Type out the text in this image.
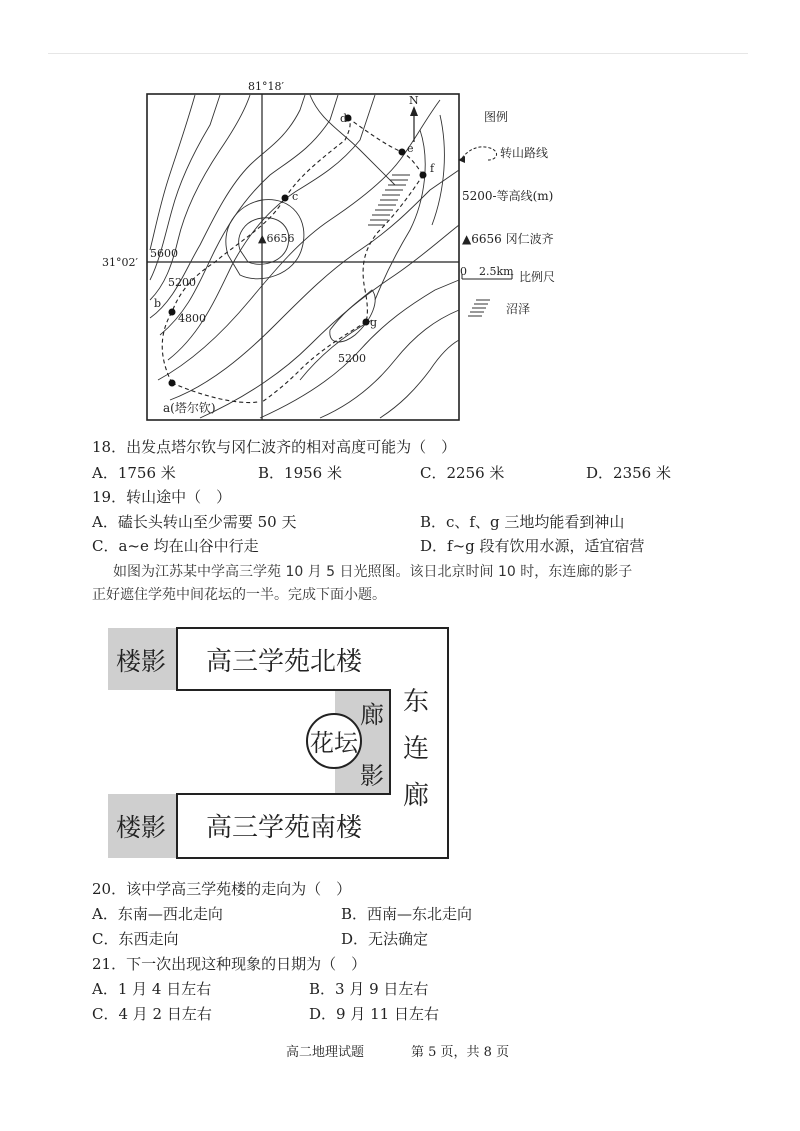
N
81°18′
31°02′
5600
5200
5200
4800
▲6656
a(塔尔钦)
b
c
d
e
f
g
图例
转山路线
5200-等高线(m)
▲6656 冈仁波齐
0 2.5km 比例尺
沼泽
18．出发点塔尔钦与冈仁波齐的相对高度可能为（　）
A．1756 米	B．1956 米	C．2256 米	D．2356 米
19．转山途中（　）
A．磕长头转山至少需要 50 天	B．c、f、g 三地均能看到神山
C．a~e 均在山谷中行走	D．f~g 段有饮用水源，适宜宿营
如图为江苏某中学高三学苑 10 月 5 日光照图。该日北京时间 10 时，东连廊的影子
正好遮住学苑中间花坛的一半。完成下面小题。
楼影 高三学苑北楼
楼影 高三学苑南楼
花坛
廊
影
东
连
廊
20．该中学高三学苑楼的走向为（　）
A．东南—西北走向	B．西南—东北走向
C．东西走向	D．无法确定
21．下一次出现这种现象的日期为（　）
A．1 月 4 日左右	B．3 月 9 日左右
C．4 月 2 日左右	D．9 月 11 日左右
高二地理试题	第 5 页，共 8 页
